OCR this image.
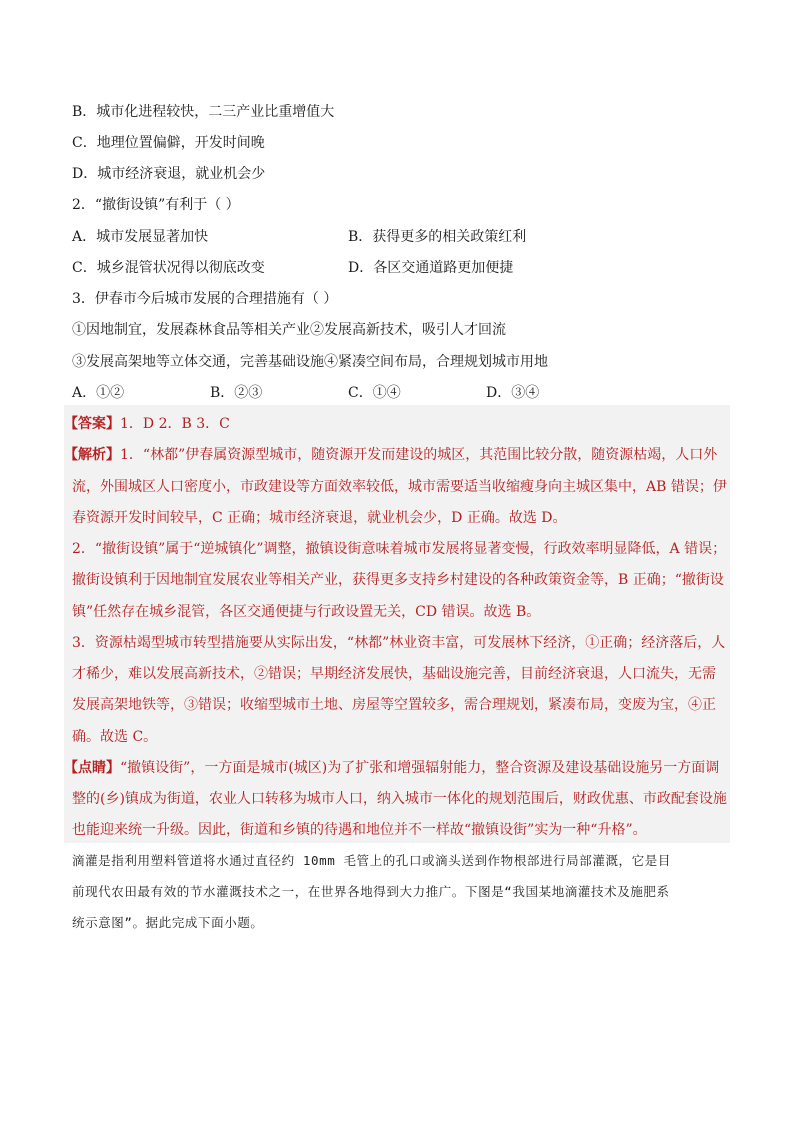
B．城市化进程较快，二三产业比重增值大
C．地理位置偏僻，开发时间晚
D．城市经济衰退，就业机会少
2．“撤街设镇”有利于（ ）
A．城市发展显著加快	B．获得更多的相关政策红利
C．城乡混管状况得以彻底改变	D．各区交通道路更加便捷
3．伊春市今后城市发展的合理措施有（ ）
①因地制宜，发展森林食品等相关产业②发展高新技术，吸引人才回流
③发展高架地等立体交通，完善基础设施④紧凑空间布局，合理规划城市用地
A．①②	B．②③	C．①④	D．③④
【答案】1．D 2．B 3．C
【解析】1．“林都”伊春属资源型城市，随资源开发而建设的城区，其范围比较分散，随资源枯竭，人口外
流，外围城区人口密度小，市政建设等方面效率较低，城市需要适当收缩瘦身向主城区集中，AB 错误；伊
春资源开发时间较早，C 正确；城市经济衰退，就业机会少，D 正确。故选 D。
2．“撤街设镇”属于“逆城镇化”调整，撤镇设街意味着城市发展将显著变慢，行政效率明显降低，A 错误；
撤街设镇利于因地制宜发展农业等相关产业，获得更多支持乡村建设的各种政策资金等，B 正确；“撤街设
镇”任然存在城乡混管，各区交通便捷与行政设置无关，CD 错误。故选 B。
3．资源枯竭型城市转型措施要从实际出发，“林都”林业资丰富，可发展林下经济，①正确；经济落后，人
才稀少，难以发展高新技术，②错误；早期经济发展快，基础设施完善，目前经济衰退，人口流失，无需
发展高架地铁等，③错误；收缩型城市土地、房屋等空置较多，需合理规划，紧凑布局，变废为宝，④正
确。故选 C。
【点睛】“撤镇设街”，一方面是城市(城区)为了扩张和增强辐射能力，整合资源及建设基础设施另一方面调
整的(乡)镇成为街道，农业人口转移为城市人口，纳入城市一体化的规划范围后，财政优惠、市政配套设施
也能迎来统一升级。因此，街道和乡镇的待遇和地位并不一样故“撤镇设街”实为一种“升格”。
滴灌是指利用塑料管道将水通过直径约 10mm 毛管上的孔口或滴头送到作物根部进行局部灌溉，它是目
前现代农田最有效的节水灌溉技术之一，在世界各地得到大力推广。下图是“我国某地滴灌技术及施肥系
统示意图”。据此完成下面小题。
